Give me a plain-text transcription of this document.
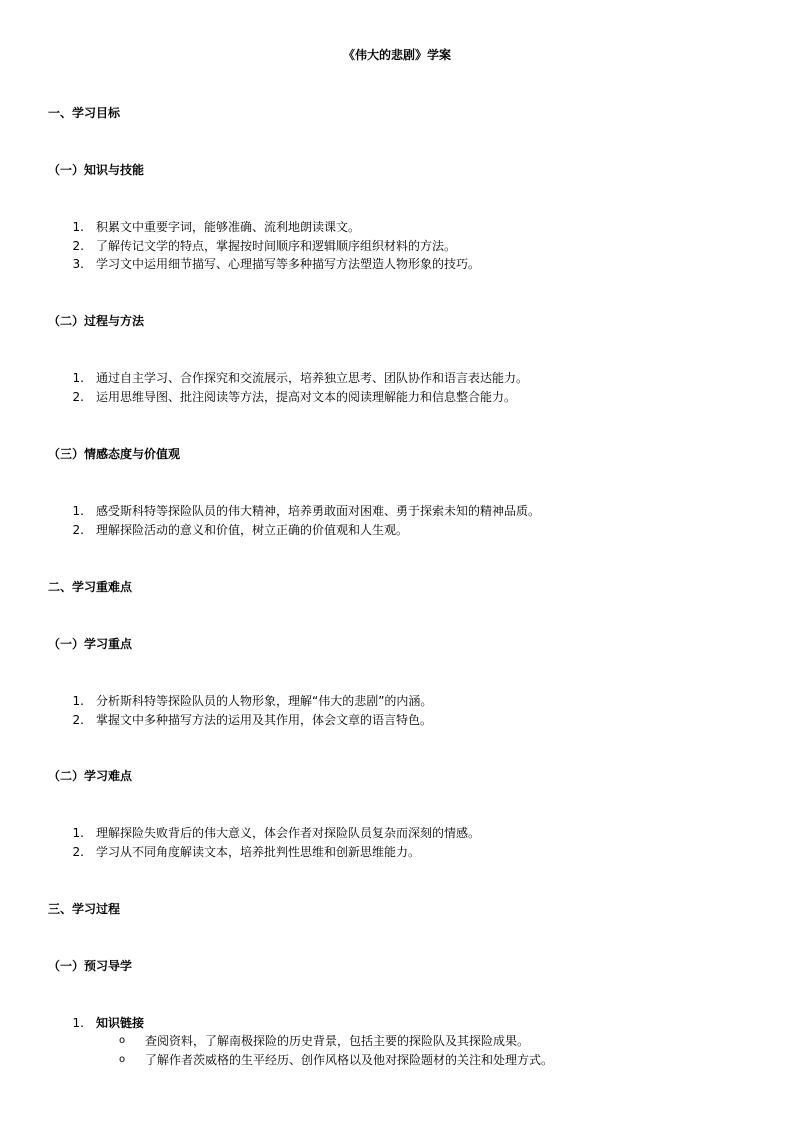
《伟大的悲剧》学案
一、学习目标
（一）知识与技能
1. 积累文中重要字词，能够准确、流利地朗读课文。
2. 了解传记文学的特点，掌握按时间顺序和逻辑顺序组织材料的方法。
3. 学习文中运用细节描写、心理描写等多种描写方法塑造人物形象的技巧。
（二）过程与方法
1. 通过自主学习、合作探究和交流展示，培养独立思考、团队协作和语言表达能力。
2. 运用思维导图、批注阅读等方法，提高对文本的阅读理解能力和信息整合能力。
（三）情感态度与价值观
1. 感受斯科特等探险队员的伟大精神，培养勇敢面对困难、勇于探索未知的精神品质。
2. 理解探险活动的意义和价值，树立正确的价值观和人生观。
二、学习重难点
（一）学习重点
1. 分析斯科特等探险队员的人物形象，理解“伟大的悲剧”的内涵。
2. 掌握文中多种描写方法的运用及其作用，体会文章的语言特色。
（二）学习难点
1. 理解探险失败背后的伟大意义，体会作者对探险队员复杂而深刻的情感。
2. 学习从不同角度解读文本，培养批判性思维和创新思维能力。
三、学习过程
（一）预习导学
1. 知识链接
o 查阅资料，了解南极探险的历史背景，包括主要的探险队及其探险成果。
o 了解作者茨威格的生平经历、创作风格以及他对探险题材的关注和处理方式。
